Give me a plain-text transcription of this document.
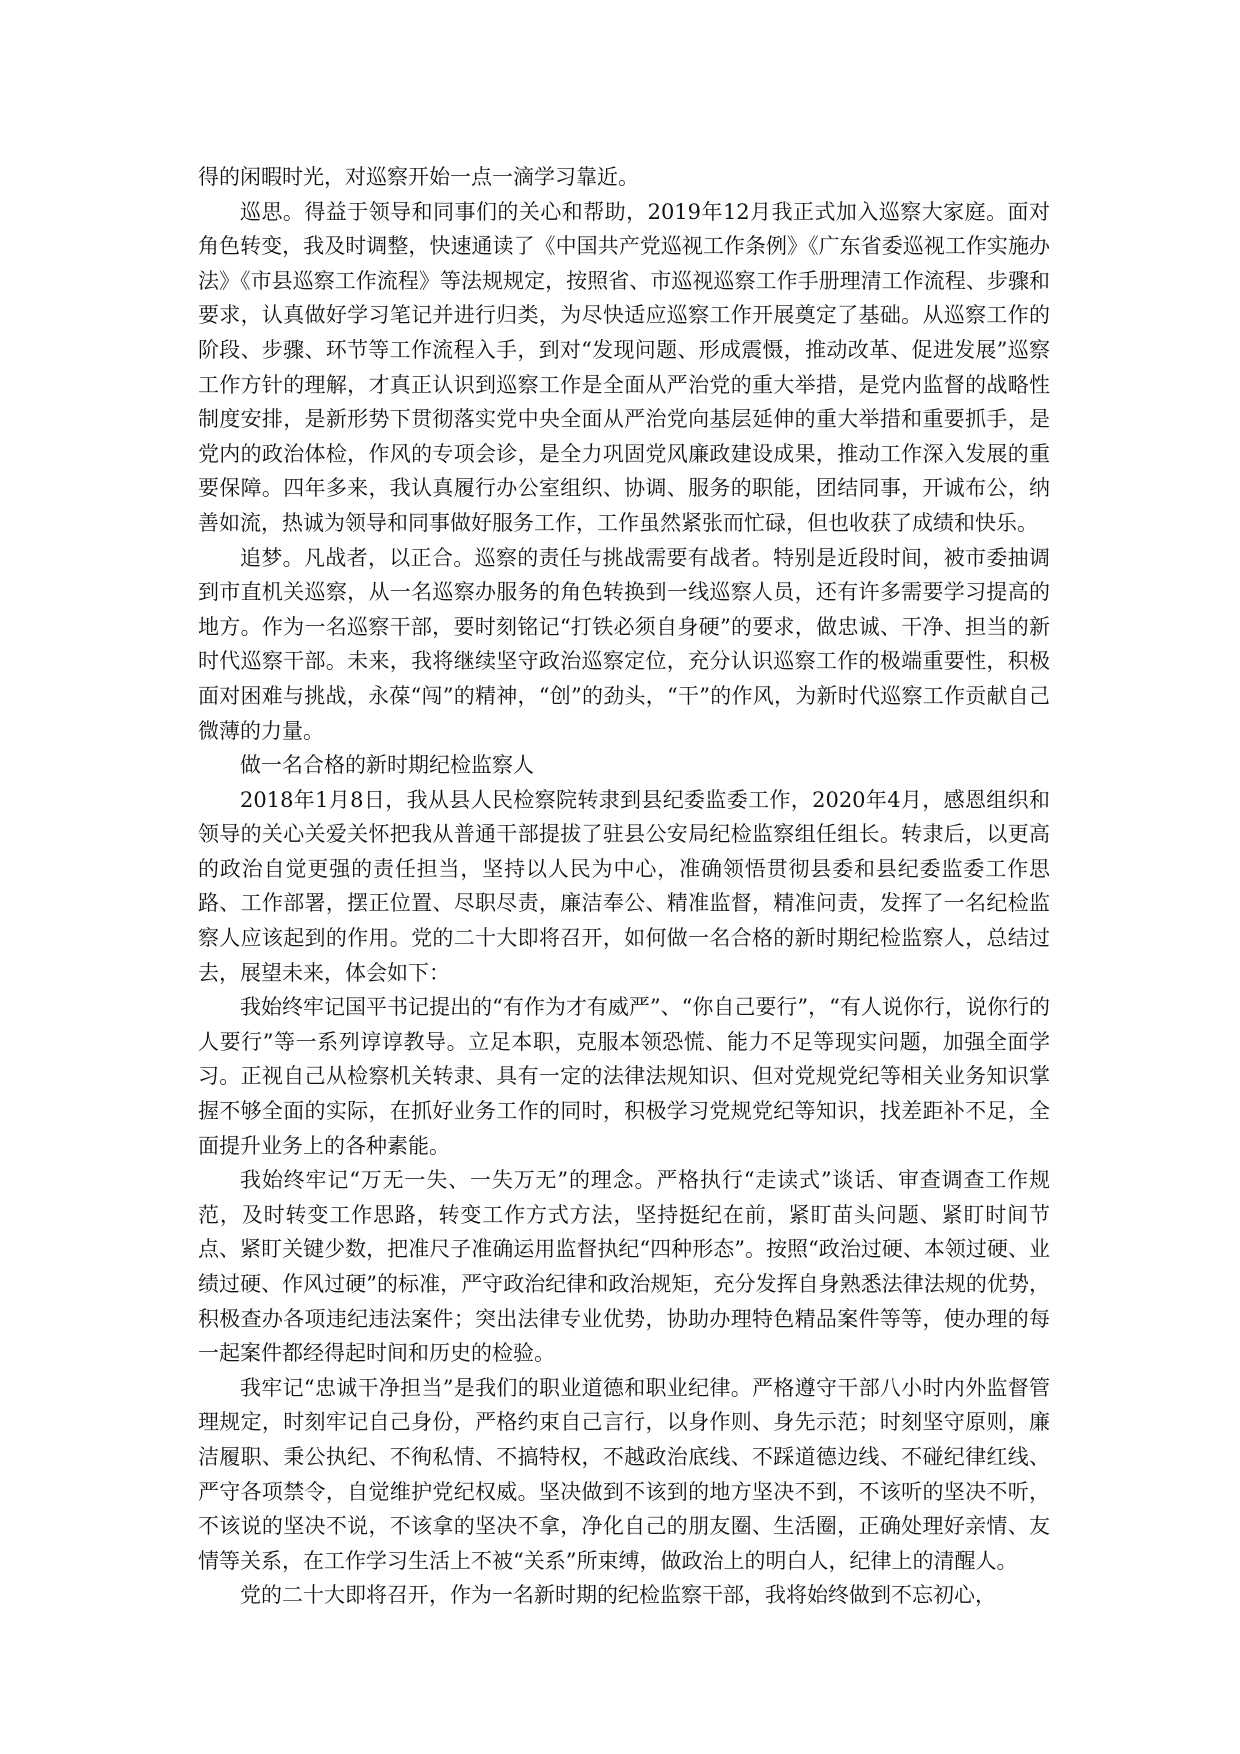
得的闲暇时光，对巡察开始一点一滴学习靠近。

巡思。得益于领导和同事们的关心和帮助，2019年12月我正式加入巡察大家庭。面对角色转变，我及时调整，快速通读了《中国共产党巡视工作条例》《广东省委巡视工作实施办法》《市县巡察工作流程》等法规规定，按照省、市巡视巡察工作手册理清工作流程、步骤和要求，认真做好学习笔记并进行归类，为尽快适应巡察工作开展奠定了基础。从巡察工作的阶段、步骤、环节等工作流程入手，到对“发现问题、形成震慑，推动改革、促进发展”巡察工作方针的理解，才真正认识到巡察工作是全面从严治党的重大举措，是党内监督的战略性制度安排，是新形势下贯彻落实党中央全面从严治党向基层延伸的重大举措和重要抓手，是党内的政治体检，作风的专项会诊，是全力巩固党风廉政建设成果，推动工作深入发展的重要保障。四年多来，我认真履行办公室组织、协调、服务的职能，团结同事，开诚布公，纳善如流，热诚为领导和同事做好服务工作，工作虽然紧张而忙碌，但也收获了成绩和快乐。

追梦。凡战者，以正合。巡察的责任与挑战需要有战者。特别是近段时间，被市委抽调到市直机关巡察，从一名巡察办服务的角色转换到一线巡察人员，还有许多需要学习提高的地方。作为一名巡察干部，要时刻铭记“打铁必须自身硬”的要求，做忠诚、干净、担当的新时代巡察干部。未来，我将继续坚守政治巡察定位，充分认识巡察工作的极端重要性，积极面对困难与挑战，永葆“闯”的精神，“创”的劲头，“干”的作风，为新时代巡察工作贡献自己微薄的力量。

做一名合格的新时期纪检监察人

2018年1月8日，我从县人民检察院转隶到县纪委监委工作，2020年4月，感恩组织和领导的关心关爱关怀把我从普通干部提拔了驻县公安局纪检监察组任组长。转隶后，以更高的政治自觉更强的责任担当，坚持以人民为中心，准确领悟贯彻县委和县纪委监委工作思路、工作部署，摆正位置、尽职尽责，廉洁奉公、精准监督，精准问责，发挥了一名纪检监察人应该起到的作用。党的二十大即将召开，如何做一名合格的新时期纪检监察人，总结过去，展望未来，体会如下：

我始终牢记国平书记提出的“有作为才有威严”、“你自己要行”，“有人说你行，说你行的人要行”等一系列谆谆教导。立足本职，克服本领恐慌、能力不足等现实问题，加强全面学习。正视自己从检察机关转隶、具有一定的法律法规知识、但对党规党纪等相关业务知识掌握不够全面的实际，在抓好业务工作的同时，积极学习党规党纪等知识，找差距补不足，全面提升业务上的各种素能。

我始终牢记“万无一失、一失万无”的理念。严格执行“走读式”谈话、审查调查工作规范，及时转变工作思路，转变工作方式方法，坚持挺纪在前，紧盯苗头问题、紧盯时间节点、紧盯关键少数，把准尺子准确运用监督执纪“四种形态”。按照“政治过硬、本领过硬、业绩过硬、作风过硬”的标准，严守政治纪律和政治规矩，充分发挥自身熟悉法律法规的优势，积极查办各项违纪违法案件；突出法律专业优势，协助办理特色精品案件等等，使办理的每一起案件都经得起时间和历史的检验。

我牢记“忠诚干净担当”是我们的职业道德和职业纪律。严格遵守干部八小时内外监督管理规定，时刻牢记自己身份，严格约束自己言行，以身作则、身先示范；时刻坚守原则，廉洁履职、秉公执纪、不徇私情、不搞特权，不越政治底线、不踩道德边线、不碰纪律红线、严守各项禁令，自觉维护党纪权威。坚决做到不该到的地方坚决不到，不该听的坚决不听，不该说的坚决不说，不该拿的坚决不拿，净化自己的朋友圈、生活圈，正确处理好亲情、友情等关系，在工作学习生活上不被“关系”所束缚，做政治上的明白人，纪律上的清醒人。

党的二十大即将召开，作为一名新时期的纪检监察干部，我将始终做到不忘初心，
